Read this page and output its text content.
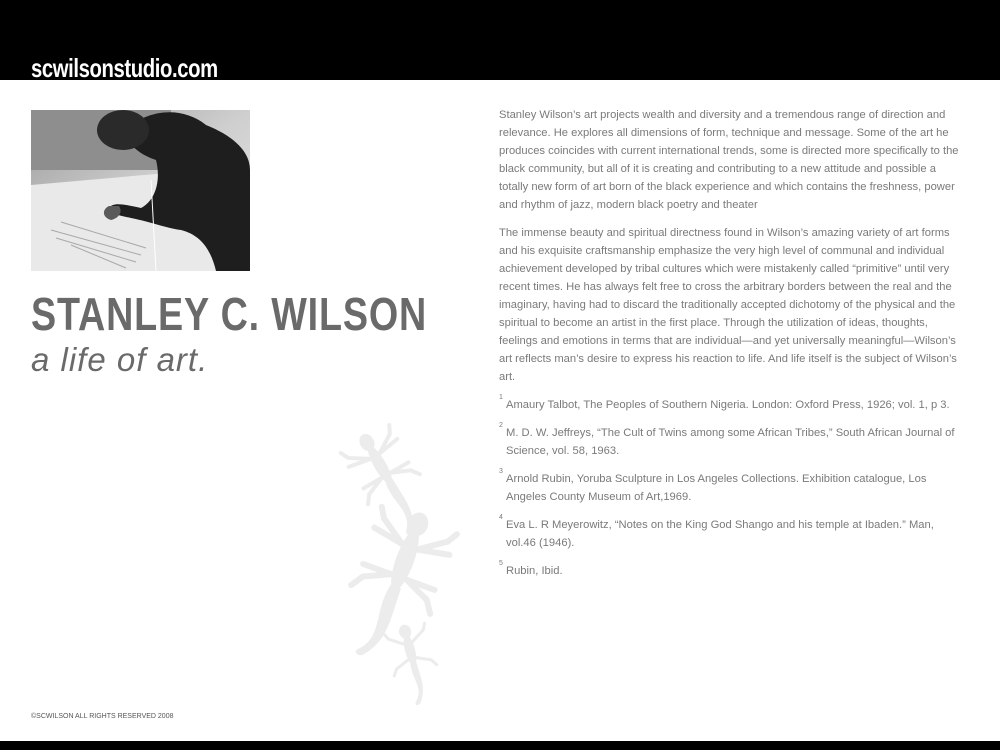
scwilsonstudio.com
STANLEY C. WILSON
a life of art.

Stanley Wilson’s art projects wealth and diversity and a tremendous range of direction and relevance. He explores all dimensions of form, technique and message. Some of the art he produces coincides with current international trends, some is directed more specifically to the black community, but all of it is creating and contributing to a new attitude and possible a totally new form of art born of the black experience and which contains the freshness, power and rhythm of jazz, modern black poetry and theater

The immense beauty and spiritual directness found in Wilson’s amazing variety of art forms and his exquisite craftsmanship emphasize the very high level of communal and individual achievement developed by tribal cultures which were mistakenly called “primitive” until very recent times. He has always felt free to cross the arbitrary borders between the real and the imaginary, having had to discard the traditionally accepted dichotomy of the physical and the spiritual to become an artist in the first place. Through the utilization of ideas, thoughts, feelings and emotions in terms that are individual—and yet universally meaningful—Wilson’s art reflects man’s desire to express his reaction to life. And life itself is the subject of Wilson’s art.

1
Amaury Talbot, The Peoples of Southern Nigeria. London: Oxford Press, 1926; vol. 1, p 3.
2
M. D. W. Jeffreys, “The Cult of Twins among some African Tribes,” South African Journal of Science, vol. 58, 1963.
3
Arnold Rubin, Yoruba Sculpture in Los Angeles Collections. Exhibition catalogue, Los Angeles County Museum of Art,1969.
4
Eva L. R Meyerowitz, “Notes on the King God Shango and his temple at Ibaden.” Man, vol.46 (1946).
5
Rubin, Ibid.
©SCWILSON ALL RIGHTS RESERVED 2008
